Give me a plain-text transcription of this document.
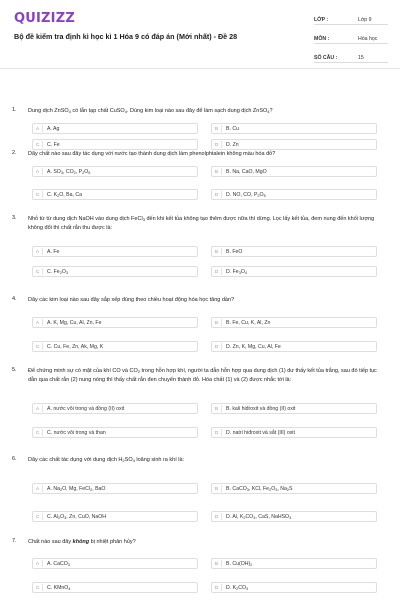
QUIZIZZ
Bộ đề kiểm tra định kì học kì 1 Hóa 9 có đáp án (Mới nhất) - Đề 28
LỚP :	Lớp 9
MÔN :	Hóa học
SỐ CÂU :	15
1.	Dung dịch ZnSO$_4$ có lẫn tạp chất CuSO$_4$. Dùng kim loại nào sau đây để làm sạch dung dịch ZnSO$_4$?
A	A. Ag	B	B. Cu
C	C. Fe	D	D. Zn
2.	Dãy chất nào sau đây tác dụng với nước tạo thành dung dịch làm phenolphtalein không màu hóa đỏ?
A	A. $SO_3$, $CO_2$, $P_2O_5$	B	B. Na, CaO, MgO
C	C. $K_2O$, Ba, Ca	D	D. NO, CO, $P_2O_5$
3.	Nhỏ từ từ dung dịch NaOH vào dung dịch FeCl$_3$ đến khi kết tủa không tạo thêm được nữa thì dừng. Lọc lấy kết tủa, đem nung đến khối lượng không đổi thì chất rắn thu được là:
A	A. Fe	B	B. FeO
C	C. $Fe_2O_3$	D	D. $Fe_3O_4$
4.	Dãy các kim loại nào sau đây sắp xếp đúng theo chiều hoạt động hóa học tăng dần?
A	A. K, Mg, Cu, Al, Zn, Fe	B	B. Fe, Cu, K, Al, Zn
C	C. Cu, Fe, Zn, Ak, Mg, K	D	D. Zn, K, Mg, Cu, Al, Fe
5.	Để chứng minh sự có mặt của khí CO và $CO_2$ trong hỗn hợp khí, người ta dẫn hỗn hợp qua dung dịch (1) dư thấy kết tủa trắng, sau đó tiếp tục dẫn qua chất rắn (2) nung nóng thì thấy chất rắn đen chuyển thành đỏ. Hóa chất (1) và (2) được nhắc tới là:
A	A. nước vôi trong và đồng (II) oxit	B	B. kali hiđroxit và đồng (II) oxit
C	C. nước vôi trong và than	D	D. natri hiđroxit và sắt (III) oxit
6.	Dãy các chất tác dụng với dung dịch $H_2SO_4$ loãng sinh ra khí là:
A	A. $Na_2O$, Mg, FeCl$_2$, BaO	B	B. CaCO$_3$, KCl, $Fe_2O_3$, $Na_2S$
C	C. $Al_2O_3$, Zn, CuO, NaOH	D	D. Al, $K_2CO_3$, CaS, NaHSO$_3$
7.	Chất nào sau đây không bị nhiệt phân hủy?
A	A. CaCO$_3$	B	B. $Cu(OH)_2$
C	C. KMnO$_4$	D	D. $K_2CO_3$
